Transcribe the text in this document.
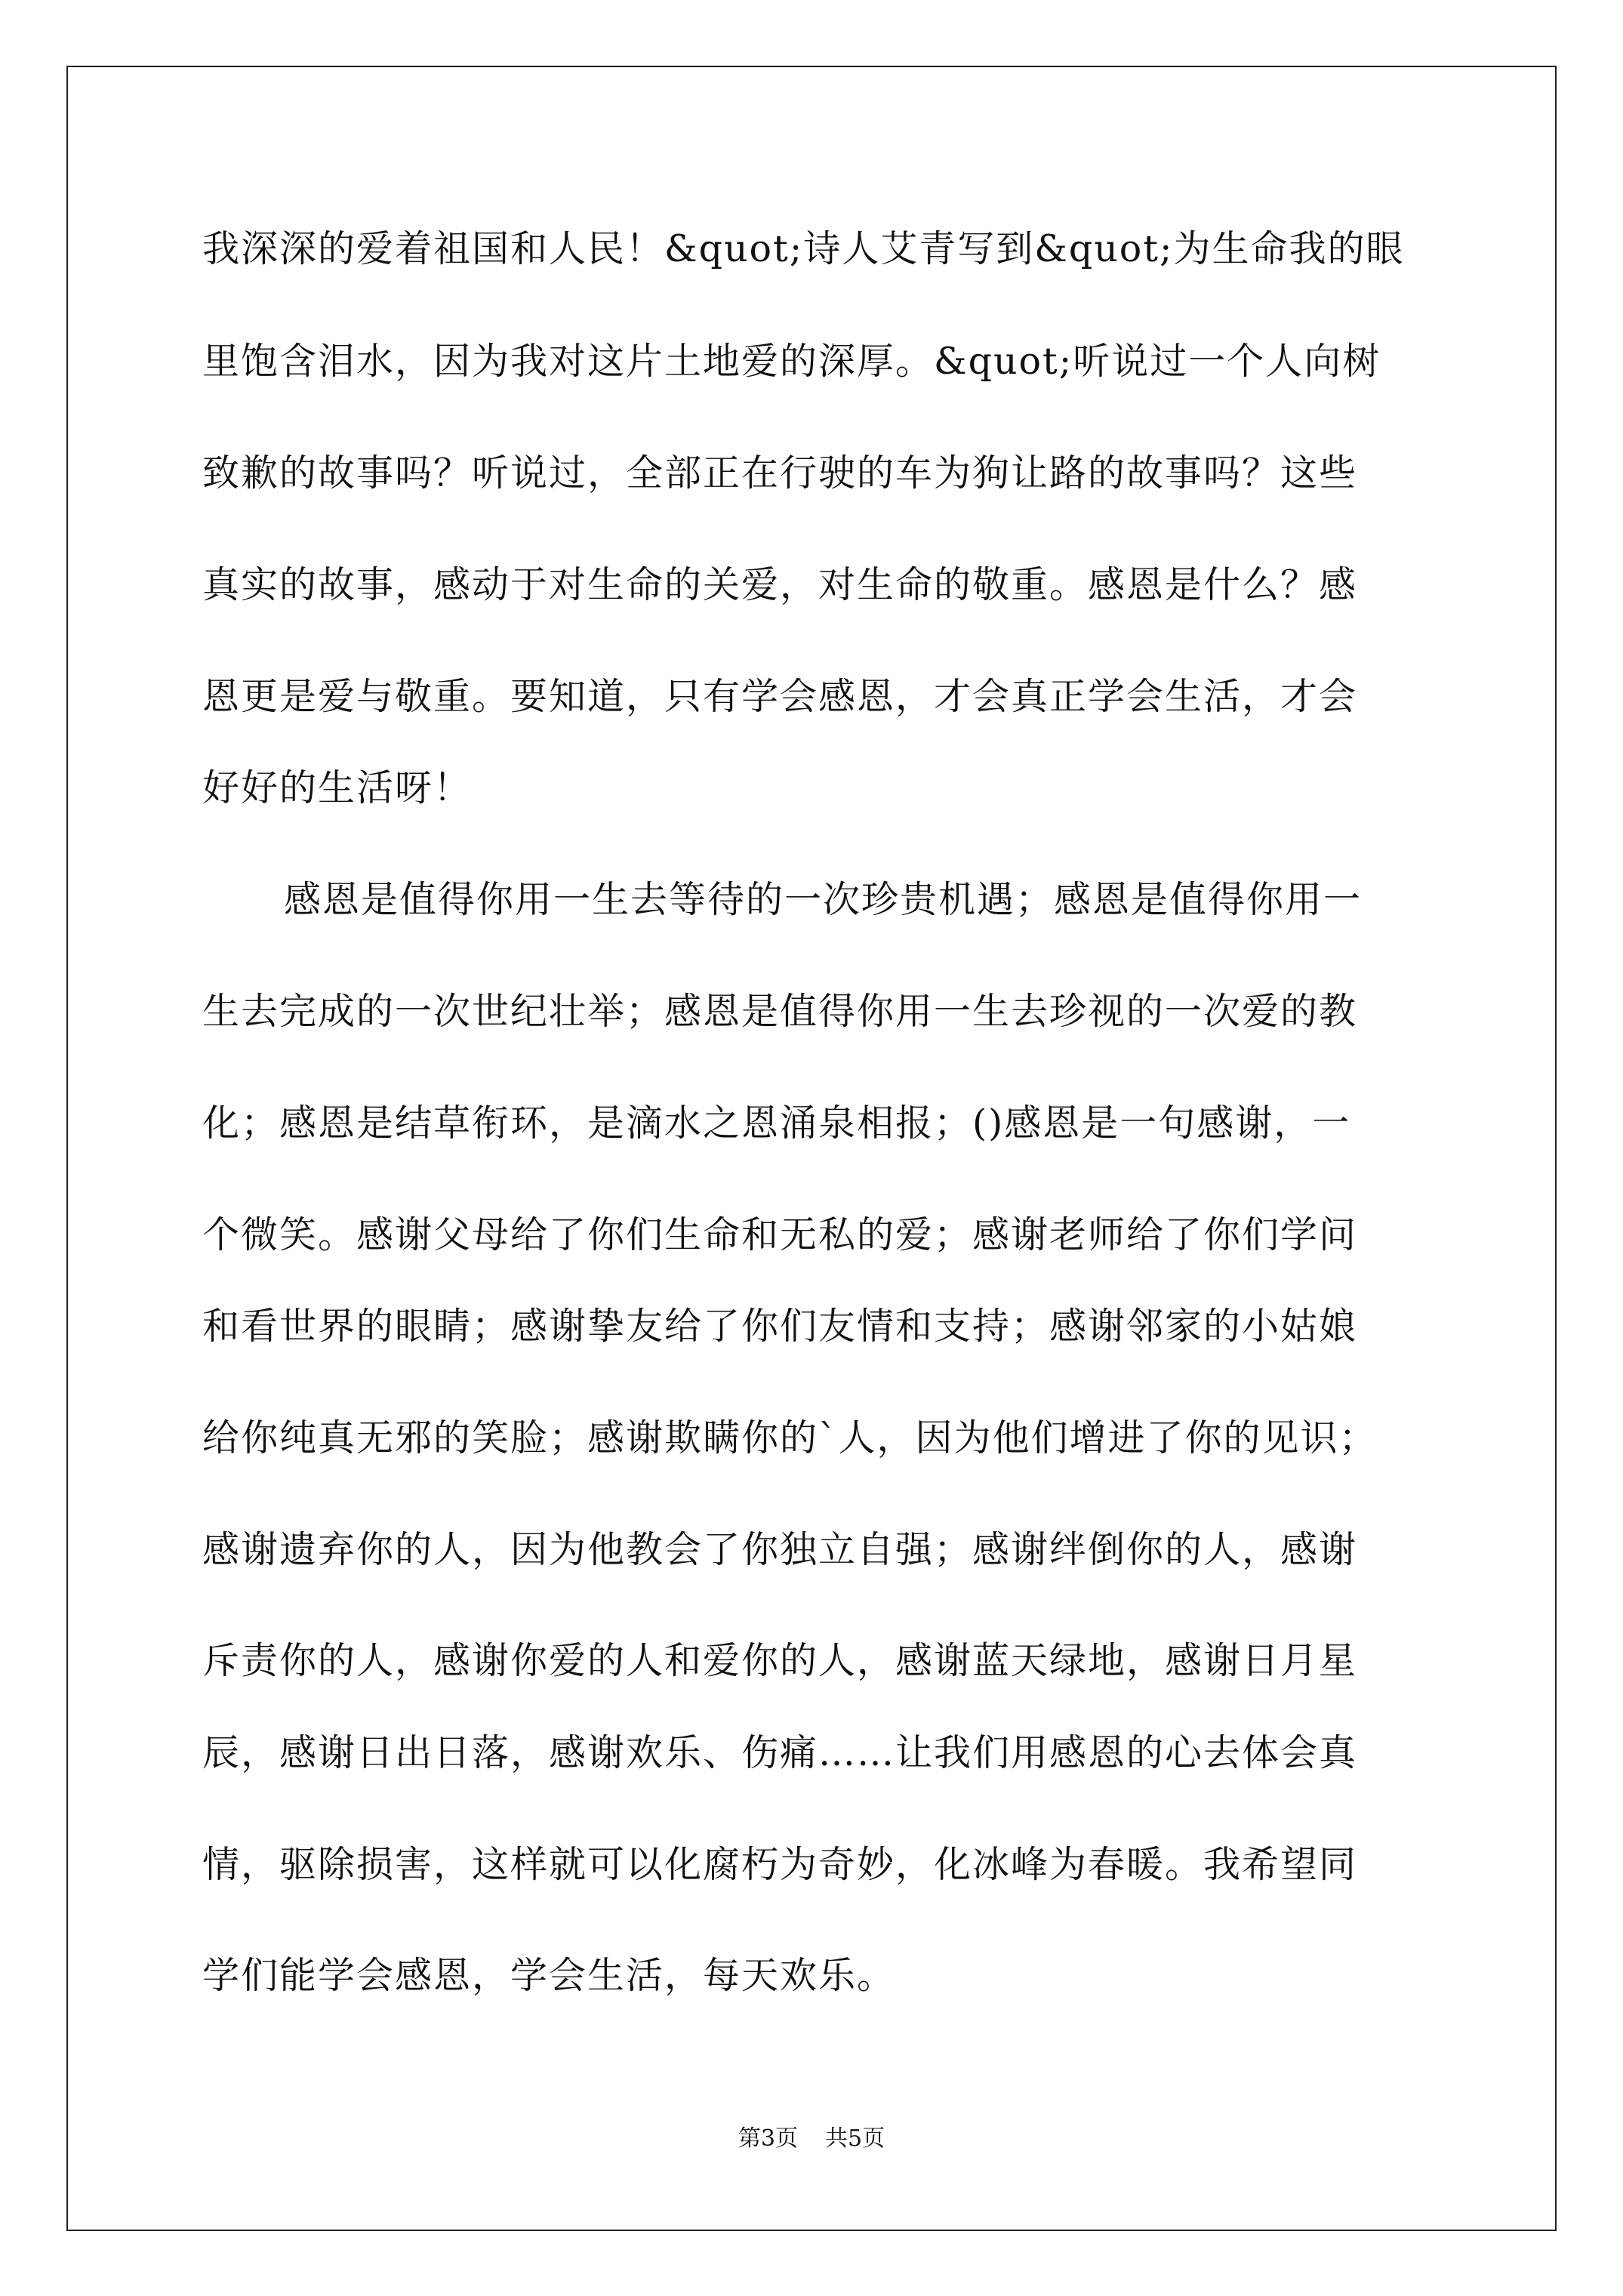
我深深的爱着祖国和人民！&quot;诗人艾青写到&quot;为生命我的眼
里饱含泪水，因为我对这片土地爱的深厚。&quot;听说过一个人向树
致歉的故事吗？听说过，全部正在行驶的车为狗让路的故事吗？这些
真实的故事，感动于对生命的关爱，对生命的敬重。感恩是什么？感
恩更是爱与敬重。要知道，只有学会感恩，才会真正学会生活，才会
好好的生活呀！
感恩是值得你用一生去等待的一次珍贵机遇；感恩是值得你用一
生去完成的一次世纪壮举；感恩是值得你用一生去珍视的一次爱的教
化；感恩是结草衔环，是滴水之恩涌泉相报；()感恩是一句感谢，一
个微笑。感谢父母给了你们生命和无私的爱；感谢老师给了你们学问
和看世界的眼睛；感谢挚友给了你们友情和支持；感谢邻家的小姑娘
给你纯真无邪的笑脸；感谢欺瞒你的`人，因为他们增进了你的见识；
感谢遗弃你的人，因为他教会了你独立自强；感谢绊倒你的人，感谢
斥责你的人，感谢你爱的人和爱你的人，感谢蓝天绿地，感谢日月星
辰，感谢日出日落，感谢欢乐、伤痛……让我们用感恩的心去体会真
情，驱除损害，这样就可以化腐朽为奇妙，化冰峰为春暖。我希望同
学们能学会感恩，学会生活，每天欢乐。
第3页 共5页
